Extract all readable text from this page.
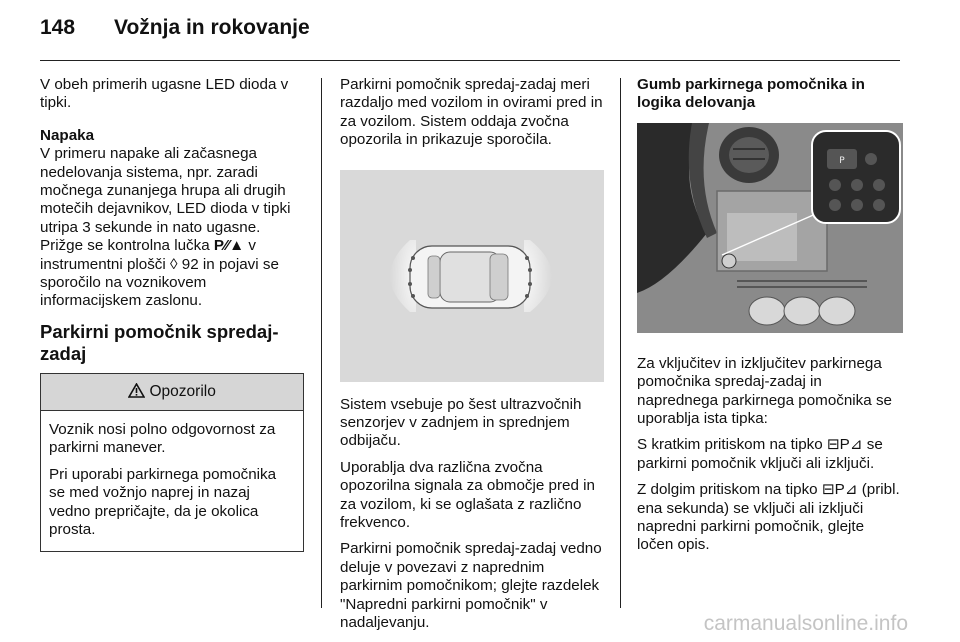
148 Vožnja in rokovanje

V obeh primerih ugasne LED dioda v tipki.

Napaka

V primeru napake ali začasnega nedelovanja sistema, npr. zaradi močnega zunanjega hrupa ali drugih motečih dejavnikov, LED dioda v tipki utripa 3 sekunde in nato ugasne. Prižge se kontrolna lučka P⁄⁄▲ v instrumentni plošči ◊ 92 in pojavi se sporočilo na voznikovem informacijskem zaslonu.

Parkirni pomočnik spredaj-zadaj
Opozorilo

Voznik nosi polno odgovornost za parkirni manever.

Pri uporabi parkirnega pomočnika se med vožnjo naprej in nazaj vedno prepričajte, da je okolica prosta.

Parkirni pomočnik spredaj-zadaj meri razdaljo med vozilom in ovirami pred in za vozilom. Sistem oddaja zvočna opozorila in prikazuje sporočila.

Sistem vsebuje po šest ultrazvočnih senzorjev v zadnjem in sprednjem odbijaču.

Uporablja dva različna zvočna opozorilna signala za območje pred in za vozilom, ki se oglašata z različno frekvenco.

Parkirni pomočnik spredaj-zadaj vedno deluje v povezavi z naprednim parkirnim pomočnikom; glejte razdelek "Napredni parkirni pomočnik" v nadaljevanju.

Gumb parkirnega pomočnika in logika delovanja

P

Za vključitev in izključitev parkirnega pomočnika spredaj-zadaj in naprednega parkirnega pomočnika se uporablja ista tipka:

S kratkim pritiskom na tipko ⊟P⊿ se parkirni pomočnik vključi ali izključi.

Z dolgim pritiskom na tipko ⊟P⊿ (pribl. ena sekunda) se vključi ali izključi napredni parkirni pomočnik, glejte ločen opis.

carmanualsonline.info
